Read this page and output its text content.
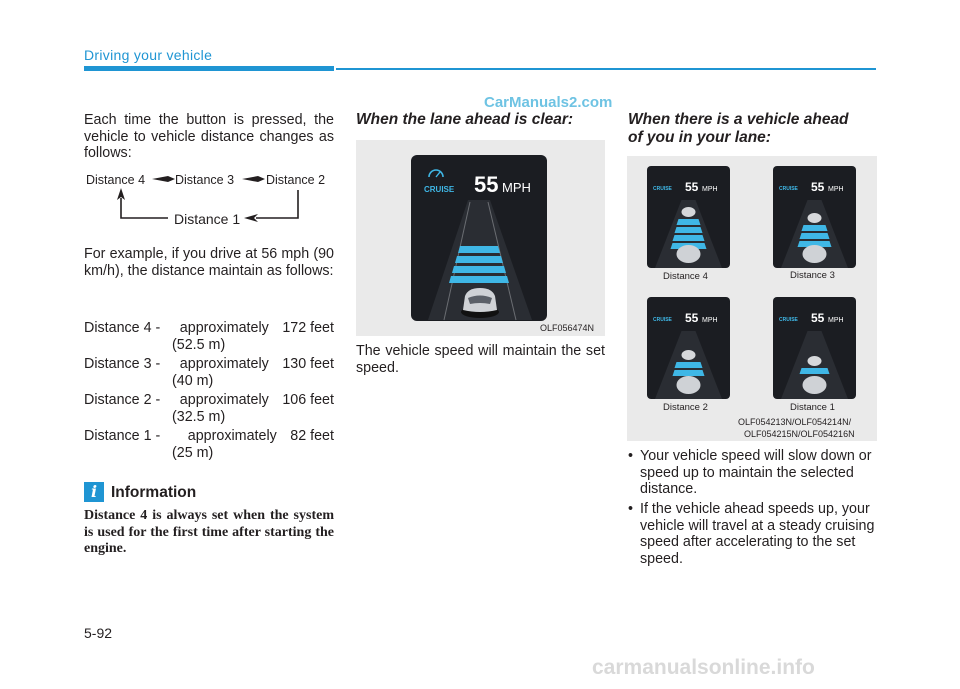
Driving your vehicle
CarManuals2.com
Each time the button is pressed, the vehicle to vehicle distance changes as follows:
Distance 4 Distance 3	Distance 2
Distance 1
For example, if you drive at 56 mph (90 km/h), the distance maintain as follows:
Distance 4 - approximately 172 feet
(52.5 m)
Distance 3 - approximately 130 feet
(40 m)
Distance 2 - approximately 106 feet
(32.5 m)
Distance 1 - approximately 82 feet
(25 m)
i Information
Distance 4 is always set when the system is used for the first time after starting the engine.
When the lane ahead is clear:
CRUISE 55 MPH
OLF056474N
The vehicle speed will maintain the set speed.
When there is a vehicle ahead
of you in your lane:
CRUISE 55 MPH	CRUISE 55 MPH
CRUISE 55 MPH	CRUISE 55 MPH
Distance 4	Distance 3
Distance 2	Distance 1
OLF054213N/OLF054214N/
OLF054215N/OLF054216N
• Your vehicle speed will slow down or speed up to maintain the selected distance.
• If the vehicle ahead speeds up, your vehicle will travel at a steady cruising speed after accelerating to the set speed.
5-92
carmanualsonline.info
